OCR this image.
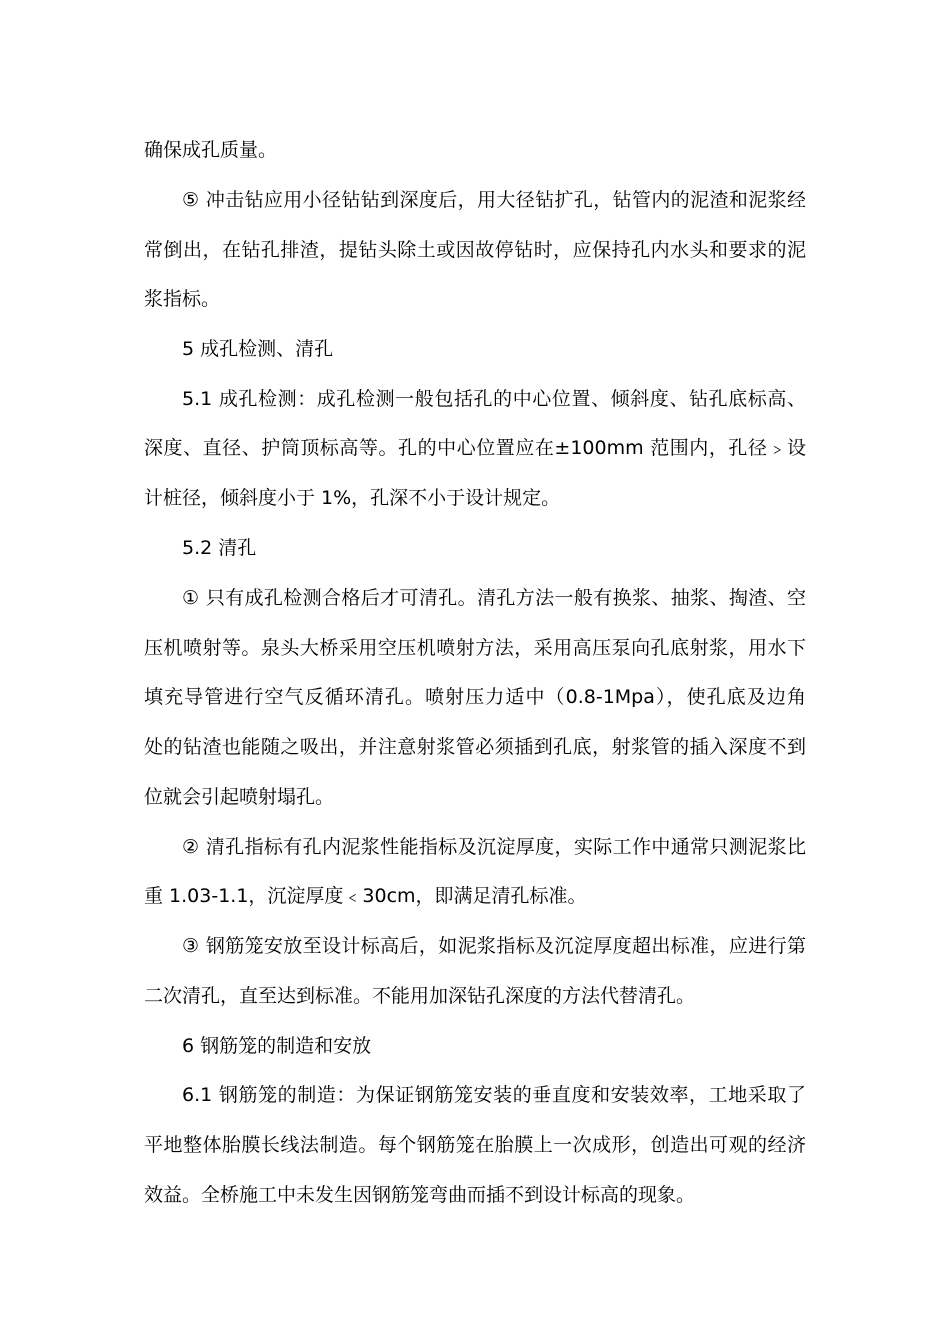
确保成孔质量。
⑤ 冲击钻应用小径钻钻到深度后，用大径钻扩孔，钻管内的泥渣和泥浆经
常倒出，在钻孔排渣，提钻头除土或因故停钻时，应保持孔内水头和要求的泥
浆指标。
5 成孔检测、清孔
5.1 成孔检测：成孔检测一般包括孔的中心位置、倾斜度、钻孔底标高、
深度、直径、护筒顶标高等。孔的中心位置应在±100mm 范围内，孔径﹥设
计桩径，倾斜度小于 1%，孔深不小于设计规定。
5.2 清孔
① 只有成孔检测合格后才可清孔。清孔方法一般有换浆、抽浆、掏渣、空
压机喷射等。泉头大桥采用空压机喷射方法，采用高压泵向孔底射浆，用水下
填充导管进行空气反循环清孔。喷射压力适中（0.8-1Mpa），使孔底及边角
处的钻渣也能随之吸出，并注意射浆管必须插到孔底，射浆管的插入深度不到
位就会引起喷射塌孔。
② 清孔指标有孔内泥浆性能指标及沉淀厚度，实际工作中通常只测泥浆比
重 1.03-1.1，沉淀厚度﹤30cm，即满足清孔标准。
③ 钢筋笼安放至设计标高后，如泥浆指标及沉淀厚度超出标准，应进行第
二次清孔，直至达到标准。不能用加深钻孔深度的方法代替清孔。
6 钢筋笼的制造和安放
6.1 钢筋笼的制造：为保证钢筋笼安装的垂直度和安装效率，工地采取了
平地整体胎膜长线法制造。每个钢筋笼在胎膜上一次成形，创造出可观的经济
效益。全桥施工中未发生因钢筋笼弯曲而插不到设计标高的现象。
